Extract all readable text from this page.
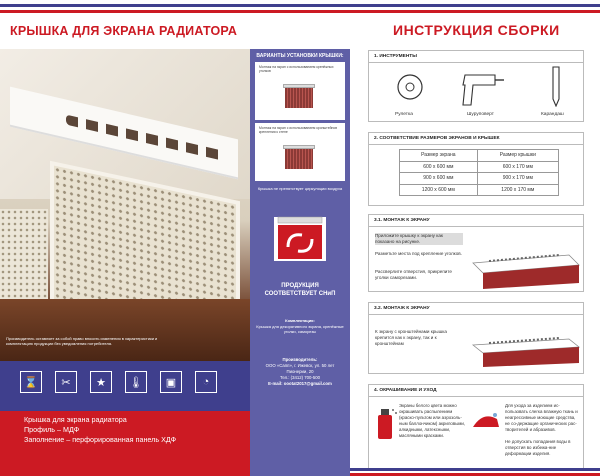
КРЫШКА ДЛЯ ЭКРАНА РАДИАТОРА
Производитель оставляет за собой право вносить изменения в характеристики и комплектацию продукции без уведомления потребителя.
⌛	✂	★	🌡	▣	◔
Крышка для экрана радиатора
Профиль – МДФ
Заполнение – перфорированная панель ХДФ
ВАРИАНТЫ УСТАНОВКИ КРЫШКИ:
Монтаж на экран с использованием крепёжных уголков
Монтаж на экран с использованием кронштейнов крепления к стене
Крышка не препятствует циркуляции воздуха
ПРОДУКЦИЯ СООТВЕТСТВУЕТ СНиП
Комплектация:
Крышка для декоративного экрана, крепёжные уголки, саморезы
Производитель:
ООО «Сапп», г. Ижевск, ул. 50 лет Пионерии, 20
Тел.: (3412) 700-500
E-mail: oootat2017@gmail.com
ИНСТРУКЦИЯ СБОРКИ
1. ИНСТРУМЕНТЫ
Рулетка	Шуруповерт	Карандаш
2. СООТВЕТСТВИЕ РАЗМЕРОВ ЭКРАНОВ И КРЫШЕК
Размер экрана	Размер крышки
600 х 600 мм	600 х 170 мм
900 х 600 мм	900 х 170 мм
1200 х 600 мм	1200 х 170 мм
3.1. МОНТАЖ К ЭКРАНУ
Приложите крышку к экрану как показано на рисунке.
Разметьте места под крепление уголков.
Рассверлите отверстия, прикрепите уголки саморезами.
3.2. МОНТАЖ К ЭКРАНУ
К экрану с кронштейнами крышка крепится как к экрану, так и к кронштейнам
4. ОКРАШИВАНИЕ И УХОД
Экраны белого цвета можно окрашивать распылением (краско-пультом или аэрозоль-ным баллончиком) акриловыми, алкидными, латексными, масляными красками.
Для ухода за изделием ис-пользовать слегка влажную ткань и неагрессивные моющие средства, не со-держащие органических рас-творителей и абразивов.
Не допускать попадания воды в отверстия во избежа-ние деформации изделия.
